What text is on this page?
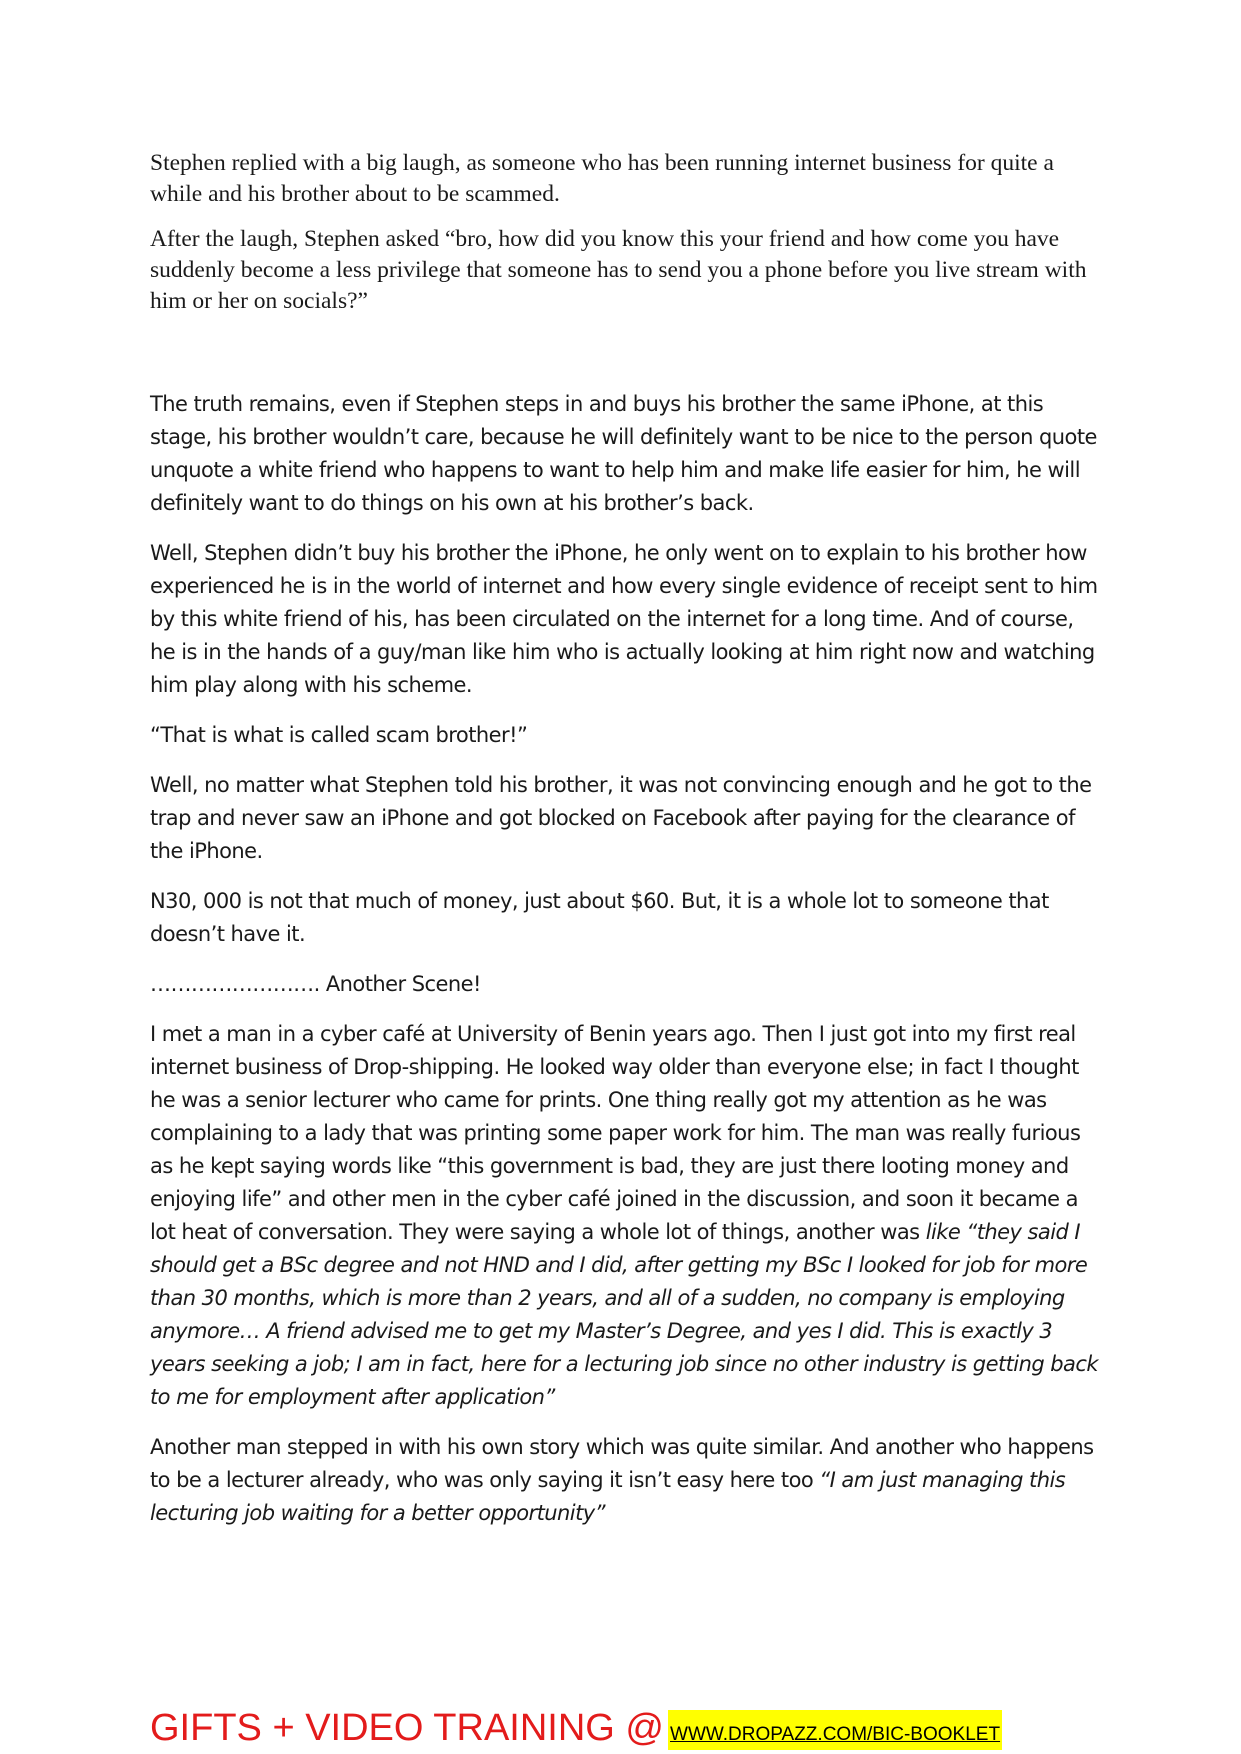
Stephen replied with a big laugh, as someone who has been running internet business for quite a while and his brother about to be scammed.

After the laugh, Stephen asked “bro, how did you know this your friend and how come you have suddenly become a less privilege that someone has to send you a phone before you live stream with him or her on socials?”

The truth remains, even if Stephen steps in and buys his brother the same iPhone, at this stage, his brother wouldn’t care, because he will definitely want to be nice to the person quote unquote a white friend who happens to want to help him and make life easier for him, he will definitely want to do things on his own at his brother’s back.

Well, Stephen didn’t buy his brother the iPhone, he only went on to explain to his brother how experienced he is in the world of internet and how every single evidence of receipt sent to him by this white friend of his, has been circulated on the internet for a long time. And of course, he is in the hands of a guy/man like him who is actually looking at him right now and watching him play along with his scheme.

“That is what is called scam brother!”

Well, no matter what Stephen told his brother, it was not convincing enough and he got to the trap and never saw an iPhone and got blocked on Facebook after paying for the clearance of the iPhone.

N30, 000 is not that much of money, just about $60. But, it is a whole lot to someone that doesn’t have it.

……………………. Another Scene!

I met a man in a cyber café at University of Benin years ago. Then I just got into my first real internet business of Drop-shipping. He looked way older than everyone else; in fact I thought he was a senior lecturer who came for prints. One thing really got my attention as he was complaining to a lady that was printing some paper work for him. The man was really furious as he kept saying words like “this government is bad, they are just there looting money and enjoying life” and other men in the cyber café joined in the discussion, and soon it became a lot heat of conversation. They were saying a whole lot of things, another was like “they said I should get a BSc degree and not HND and I did, after getting my BSc I looked for job for more than 30 months, which is more than 2 years, and all of a sudden, no company is employing anymore… A friend advised me to get my Master’s Degree, and yes I did. This is exactly 3 years seeking a job; I am in fact, here for a lecturing job since no other industry is getting back to me for employment after application”

Another man stepped in with his own story which was quite similar. And another who happens to be a lecturer already, who was only saying it isn’t easy here too “I am just managing this lecturing job waiting for a better opportunity”

GIFTS + VIDEO TRAINING @ WWW.DROPAZZ.COM/BIC-BOOKLET
